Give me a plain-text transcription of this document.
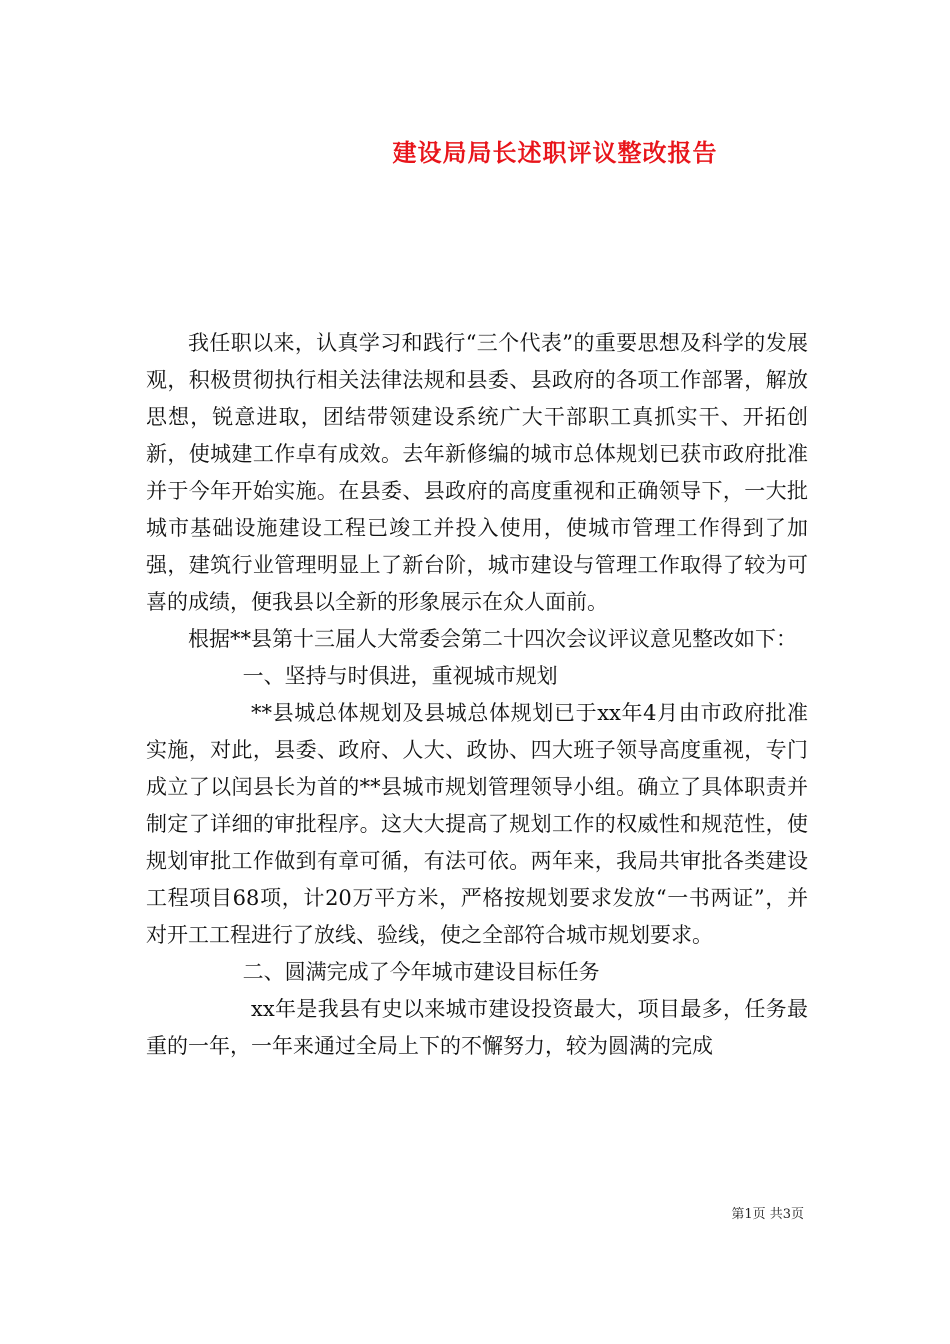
建设局局长述职评议整改报告

我任职以来，认真学习和践行“三个代表”的重要思想及科学的发展观，积极贯彻执行相关法律法规和县委、县政府的各项工作部署，解放思想，锐意进取，团结带领建设系统广大干部职工真抓实干、开拓创新，使城建工作卓有成效。去年新修编的城市总体规划已获市政府批准并于今年开始实施。在县委、县政府的高度重视和正确领导下，一大批城市基础设施建设工程已竣工并投入使用，使城市管理工作得到了加强，建筑行业管理明显上了新台阶，城市建设与管理工作取得了较为可喜的成绩，便我县以全新的形象展示在众人面前。

根据**县第十三届人大常委会第二十四次会议评议意见整改如下：

一、坚持与时俱进，重视城市规划

**县城总体规划及县城总体规划已于xx年4月由市政府批准实施，对此，县委、政府、人大、政协、四大班子领导高度重视，专门成立了以闰县长为首的**县城市规划管理领导小组。确立了具体职责并制定了详细的审批程序。这大大提高了规划工作的权威性和规范性，使规划审批工作做到有章可循，有法可依。两年来，我局共审批各类建设工程项目68项，计20万平方米，严格按规划要求发放“一书两证”，并对开工工程进行了放线、验线，使之全部符合城市规划要求。

二、圆满完成了今年城市建设目标任务

xx年是我县有史以来城市建设投资最大，项目最多，任务最重的一年，一年来通过全局上下的不懈努力，较为圆满的完成

第1页 共3页
